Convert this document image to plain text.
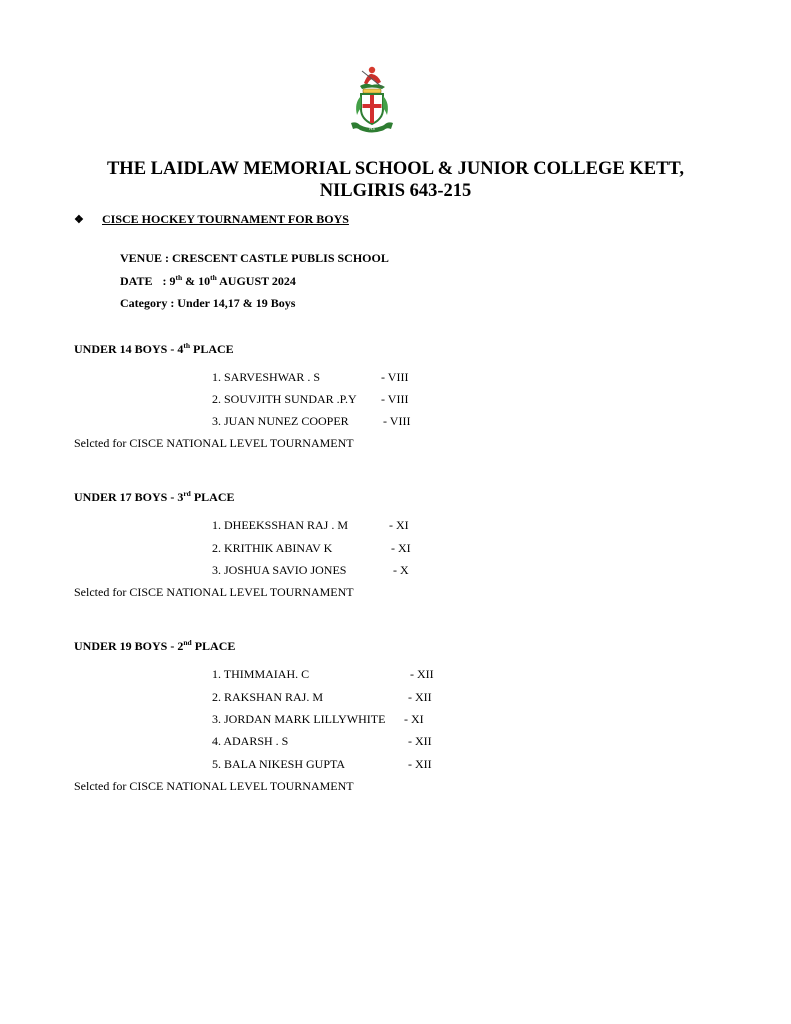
HS
THE LAIDLAW MEMORIAL SCHOOL & JUNIOR COLLEGE KETT,
NILGIRIS 643-215
❖ CISCE HOCKEY TOURNAMENT FOR BOYS
VENUE : CRESCENT CASTLE PUBLIS SCHOOL
DATE : 9th & 10th AUGUST 2024
Category : Under 14,17 & 19 Boys
UNDER 14 BOYS - 4th PLACE
1. SARVESHWAR . S	- VIII
2. SOUVJITH SUNDAR .P.Y - VIII
3. JUAN NUNEZ COOPER	- VIII
Selcted for CISCE NATIONAL LEVEL TOURNAMENT
UNDER 17 BOYS - 3rd PLACE
1. DHEEKSSHAN RAJ . M	- XI
2. KRITHIK ABINAV K	- XI
3. JOSHUA SAVIO JONES	- X
Selcted for CISCE NATIONAL LEVEL TOURNAMENT
UNDER 19 BOYS - 2nd PLACE
1. THIMMAIAH. C	- XII
2. RAKSHAN RAJ. M	- XII
3. JORDAN MARK LILLYWHITE - XI
4. ADARSH . S	- XII
5. BALA NIKESH GUPTA	- XII
Selcted for CISCE NATIONAL LEVEL TOURNAMENT
